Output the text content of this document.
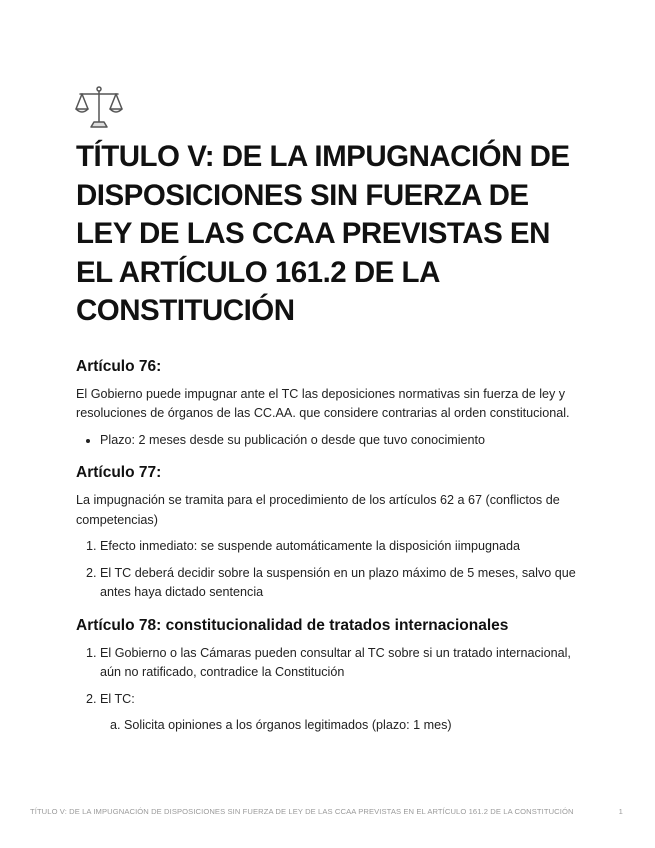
TÍTULO V: DE LA IMPUGNACIÓN DE DISPOSICIONES SIN FUERZA DE LEY DE LAS CCAA PREVISTAS EN EL ARTÍCULO 161.2 DE LA CONSTITUCIÓN
Artículo 76:

El Gobierno puede impugnar ante el TC las deposiciones normativas sin fuerza de ley y resoluciones de órganos de las CC.AA. que considere contrarias al orden constitucional.

• Plazo: 2 meses desde su publicación o desde que tuvo conocimiento
Artículo 77:

La impugnación se tramita para el procedimiento de los artículos 62 a 67 (conflictos de competencias)

1. Efecto inmediato: se suspende automáticamente la disposición iimpugnada
2. El TC deberá decidir sobre la suspensión en un plazo máximo de 5 meses, salvo que antes haya dictado sentencia
Artículo 78: constitucionalidad de tratados internacionales
1. El Gobierno o las Cámaras pueden consultar al TC sobre si un tratado internacional, aún no ratificado, contradice la Constitución
2. El TC:
a. Solicita opiniones a los órganos legitimados (plazo: 1 mes)
TÍTULO V: DE LA IMPUGNACIÓN DE DISPOSICIONES SIN FUERZA DE LEY DE LAS CCAA PREVISTAS EN EL ARTÍCULO 161.2 DE LA CONSTITUCIÓN	1
